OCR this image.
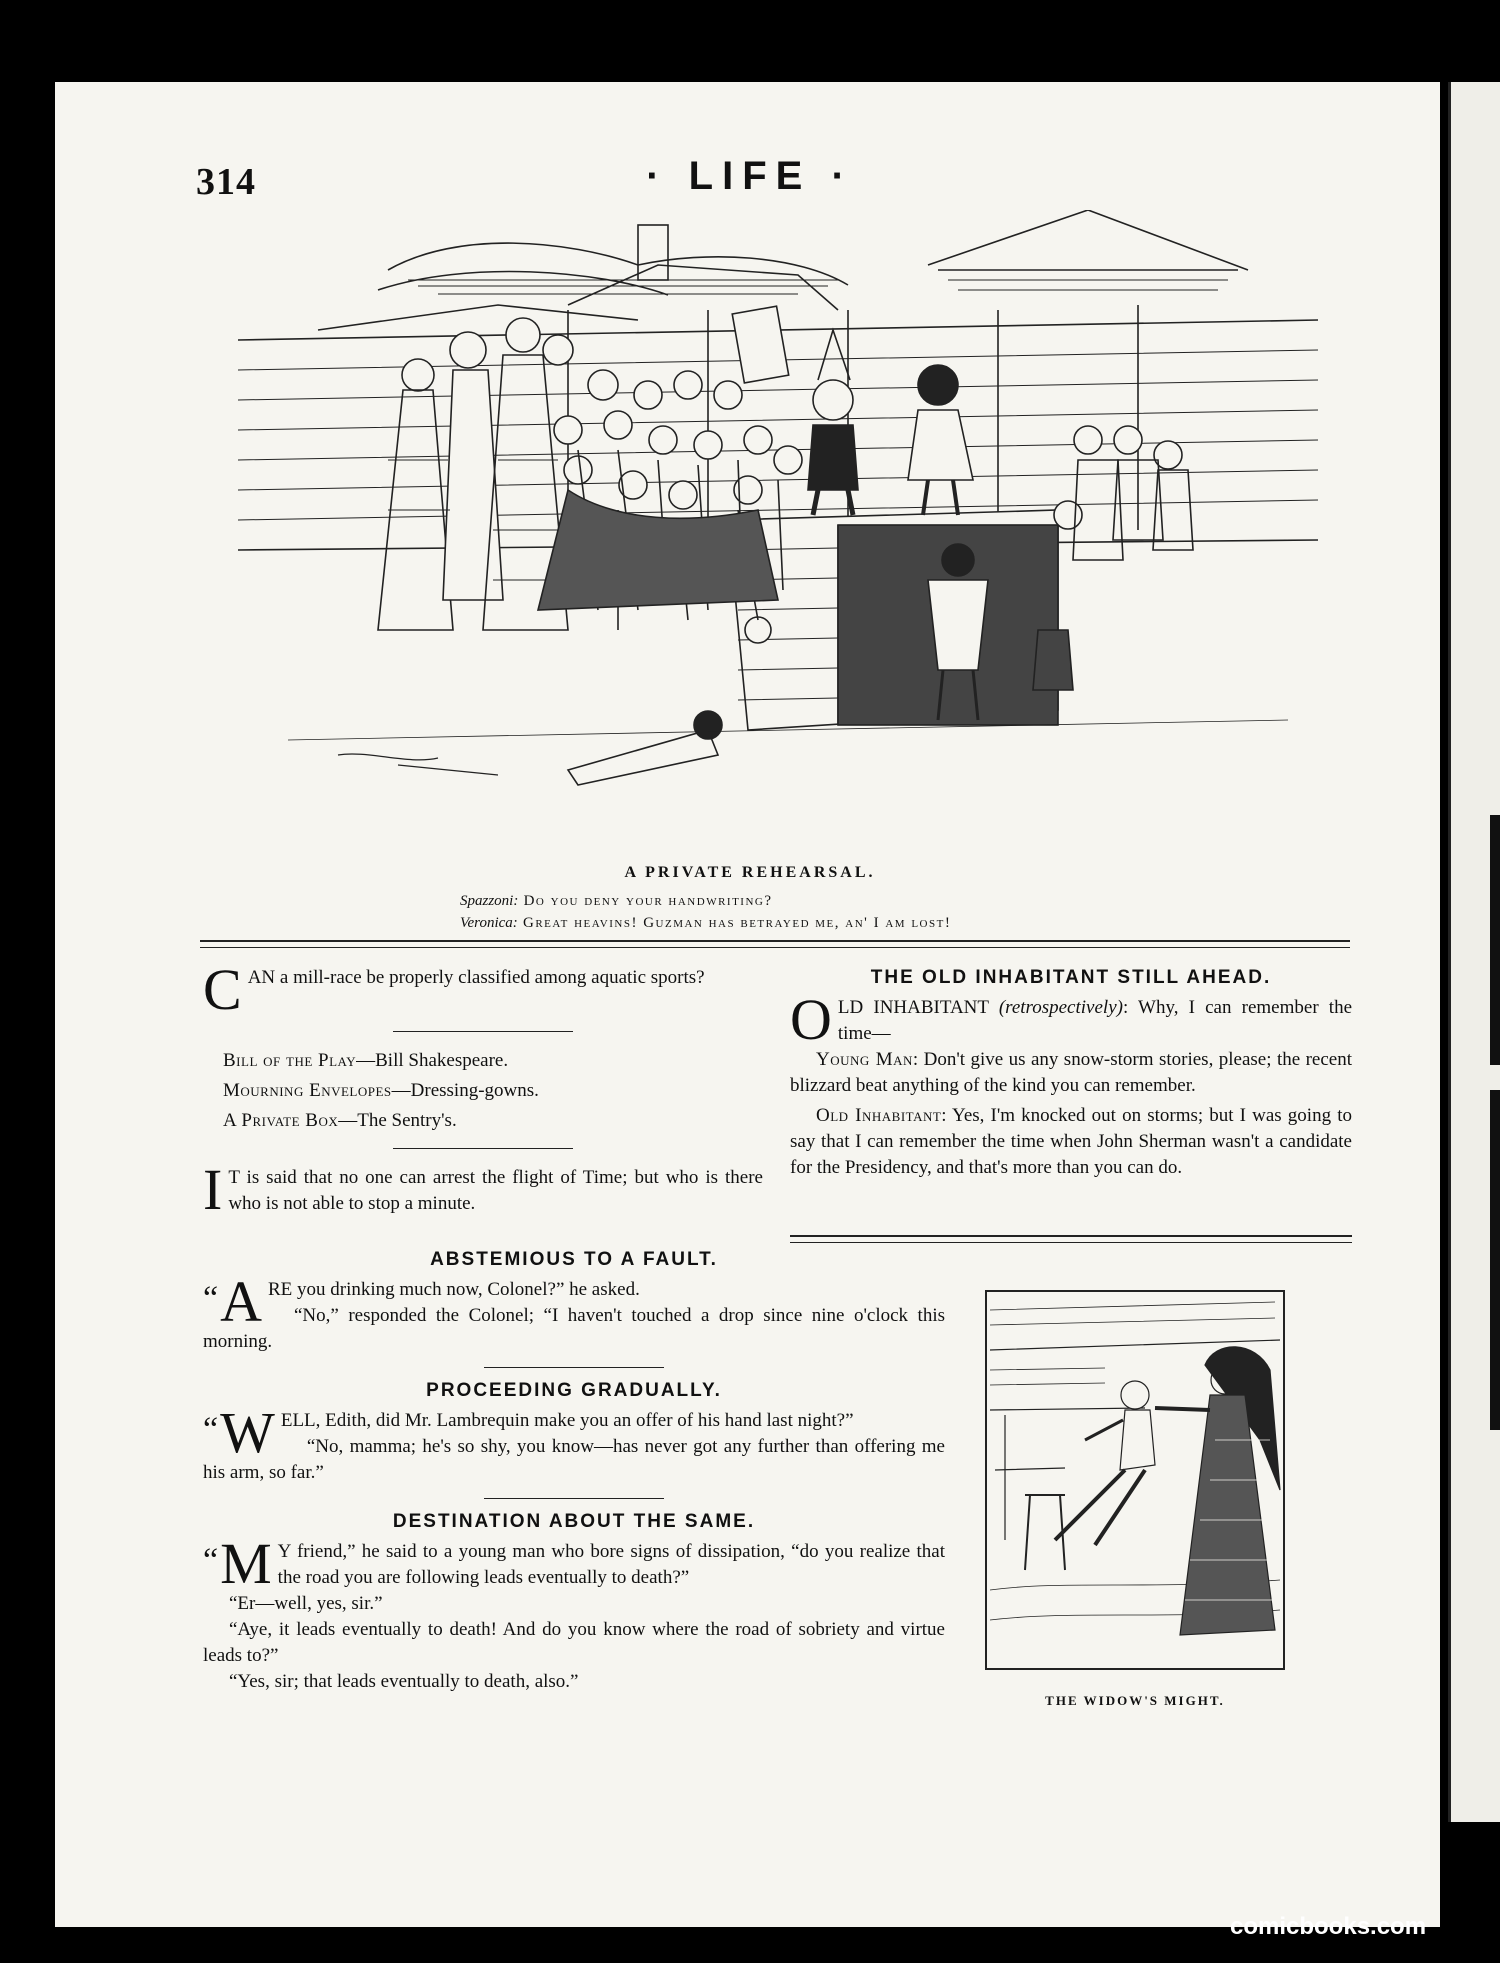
314	· LIFE ·
A PRIVATE REHEARSAL.
Spazzoni: Do you deny your handwriting?
Veronica: Great heavins! Guzman has betrayed me, an' I am lost!

C AN a mill-race be properly classified among aquatic sports?

Bill of the Play—Bill Shakespeare.

Mourning Envelopes—Dressing-gowns.

A Private Box—The Sentry's.

I T is said that no one can arrest the flight of Time; but who is there who is not able to stop a minute.

THE OLD INHABITANT STILL AHEAD.

O LD INHABITANT (retrospectively): Why, I can remember the time—

Young Man: Don't give us any snow-storm stories, please; the recent blizzard beat anything of the kind you can remember.

Old Inhabitant: Yes, I'm knocked out on storms; but I was going to say that I can remember the time when John Sherman wasn't a candidate for the Presidency, and that's more than you can do.

ABSTEMIOUS TO A FAULT.

“ A RE you drinking much now, Colonel?” he asked.

“No,” responded the Colonel; “I haven't touched a drop since nine o'clock this morning.

PROCEEDING GRADUALLY.

“ W ELL, Edith, did Mr. Lambrequin make you an offer of his hand last night?”

“No, mamma; he's so shy, you know—has never got any further than offering me his arm, so far.”

DESTINATION ABOUT THE SAME.

“ M Y friend,” he said to a young man who bore signs of dissipation, “do you realize that the road you are following leads eventually to death?”

“Er—well, yes, sir.”

“Aye, it leads eventually to death! And do you know where the road of sobriety and virtue leads to?”

“Yes, sir; that leads eventually to death, also.”

THE WIDOW'S MIGHT.
comicbooks.com
